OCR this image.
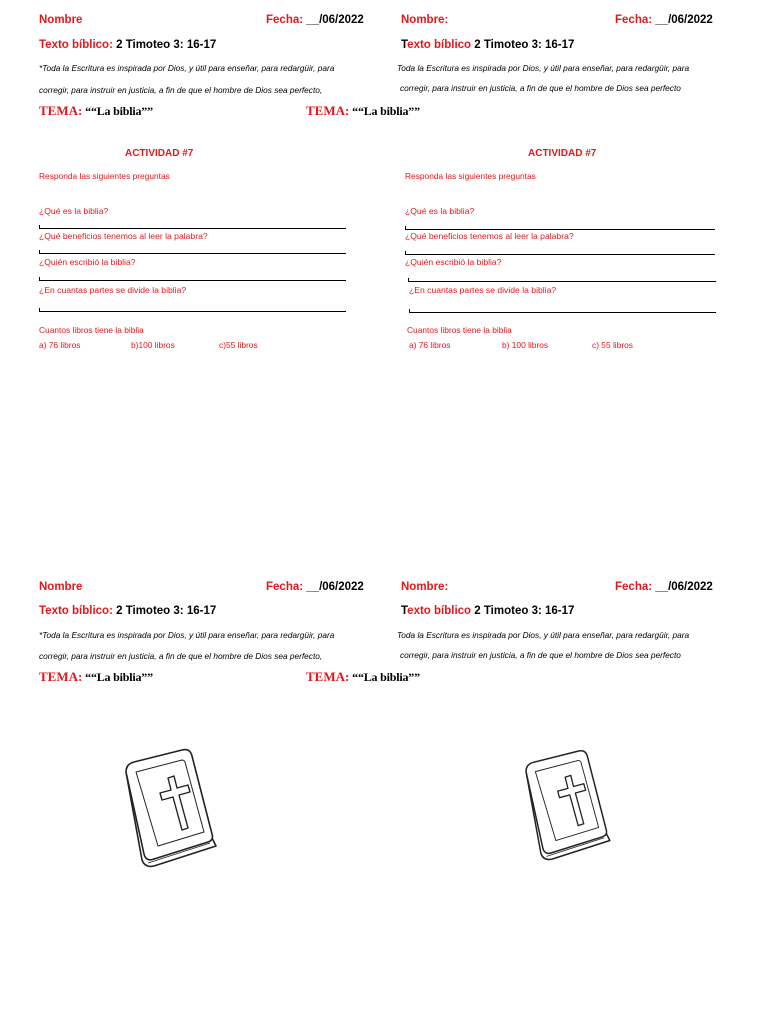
Nombre	Fecha: __/06/2022
Texto bíblico: 2 Timoteo 3: 16-17
*Toda la Escritura es inspirada por Dios, y útil para enseñar, para redargüir, para
corregir, para instruir en justicia, a fin de que el hombre de Dios sea perfecto,
TEMA: ““La biblia””
ACTIVIDAD #7
Responda las siguientes preguntas
¿Qué es la biblia?
¿Qué beneficios tenemos al leer la palabra?
¿Quién escribió la biblia?
¿En cuantas partes se divide la biblia?
Cuantos libros tiene la biblia
a) 76 libros	b)100 libros	c)55 libros
Nombre:	Fecha: __/06/2022
Texto bíblico 2 Timoteo 3: 16-17
Toda la Escritura es inspirada por Dios, y útil para enseñar, para redargüir, para
corregir, para instruir en justicia, a fin de que el hombre de Dios sea perfecto
TEMA: ““La biblia””
ACTIVIDAD #7
Responda las siguientes preguntas
¿Qué es la biblia?
¿Qué beneficios tenemos al leer la palabra?
¿Quién escribió la biblia?
¿En cuantas partes se divide la biblia?
Cuantos libros tiene la biblia
a) 76 libros	b) 100 libros	c) 55 libros
Nombre	Fecha: __/06/2022
Texto bíblico: 2 Timoteo 3: 16-17
*Toda la Escritura es inspirada por Dios, y útil para enseñar, para redargüir, para
corregir, para instruir en justicia, a fin de que el hombre de Dios sea perfecto,
TEMA: ““La biblia””
Nombre:	Fecha: __/06/2022
Texto bíblico 2 Timoteo 3: 16-17
Toda la Escritura es inspirada por Dios, y útil para enseñar, para redargüir, para
corregir, para instruir en justicia, a fin de que el hombre de Dios sea perfecto
TEMA: ““La biblia””
